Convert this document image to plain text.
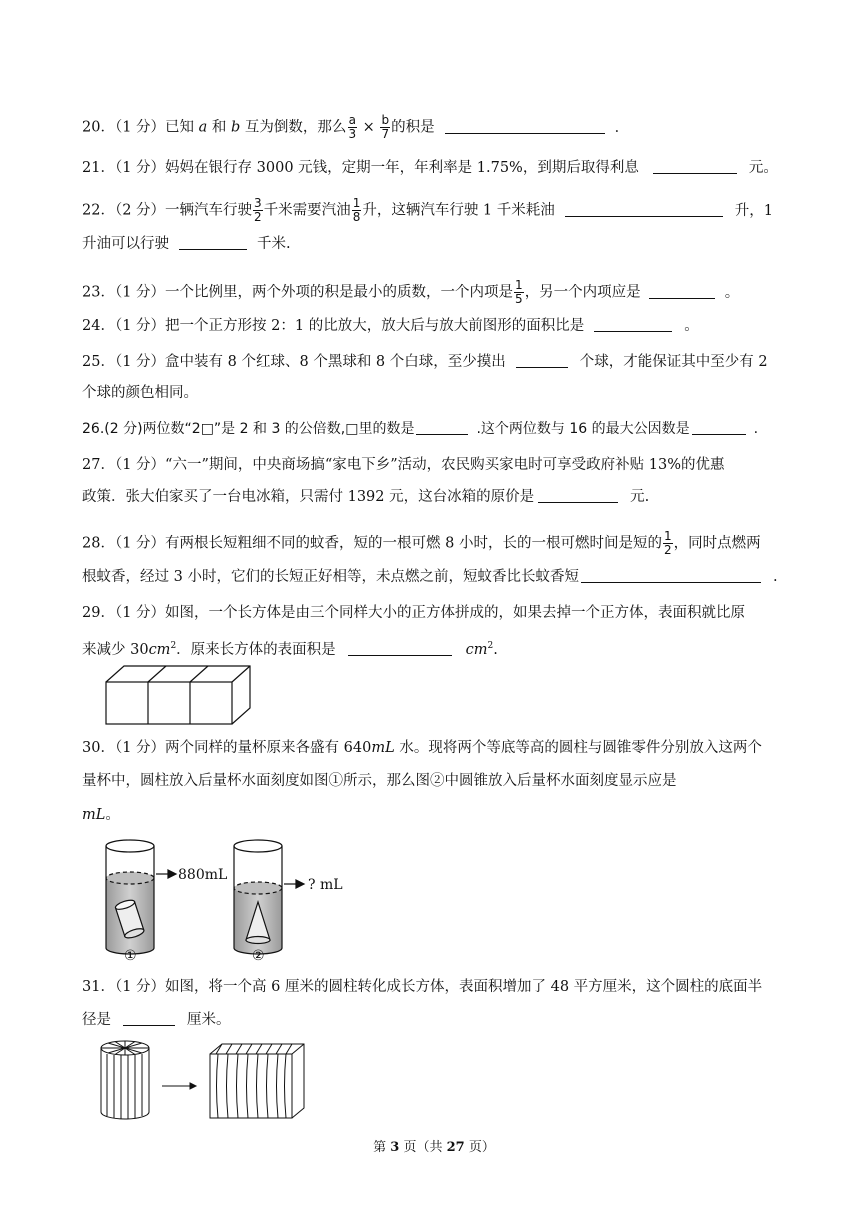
20．（1 分）已知 a 和 b 互为倒数，那么 $\frac{a}{3} \times \frac{b}{7}$ 的积是	．
21．（1 分）妈妈在银行存 3000 元钱，定期一年，年利率是 1.75%，到期后取得利息	元。
22．（2 分）一辆汽车行驶 $\frac{3}{2}$ 千米需要汽油 $\frac{1}{8}$ 升，这辆汽车行驶 1 千米耗油	升，1
升油可以行驶	千米.
23．（1 分）一个比例里，两个外项的积是最小的质数，一个内项是 $\frac{1}{5}$ ，另一个内项应是	。
24．（1 分）把一个正方形按 2：1 的比放大，放大后与放大前图形的面积比是	。
25．（1 分）盒中装有 8 个红球、8 个黑球和 8 个白球，至少摸出	个球，才能保证其中至少有 2
个球的颜色相同。
26.(2 分)两位数“2□”是 2 和 3 的公倍数,□里的数是	.这个两位数与 16 的最大公因数是	.
27．（1 分）“六一”期间，中央商场搞“家电下乡”活动，农民购买家电时可享受政府补贴 13%的优惠
政策．张大伯家买了一台电冰箱，只需付 1392 元，这台冰箱的原价是	元.
28．（1 分）有两根长短粗细不同的蚊香，短的一根可燃 8 小时，长的一根可燃时间是短的 $\frac{1}{2}$ ，同时点燃两
根蚊香，经过 3 小时，它们的长短正好相等，未点燃之前，短蚊香比长蚊香短	.
29．（1 分）如图，一个长方体是由三个同样大小的正方体拼成的，如果去掉一个正方体，表面积就比原
来减少 $30cm^2$．原来长方体的表面积是	$cm^2$.
30．（1 分）两个同样的量杯原来各盛有 640mL 水。现将两个等底等高的圆柱与圆锥零件分别放入这两个
量杯中，圆柱放入后量杯水面刻度如图①所示，那么图②中圆锥放入后量杯水面刻度显示应是
mL。
880mL
①
? mL
②
31．（1 分）如图，将一个高 6 厘米的圆柱转化成长方体，表面积增加了 48 平方厘米，这个圆柱的底面半
径是	厘米。
第 3 页（共 27 页）
